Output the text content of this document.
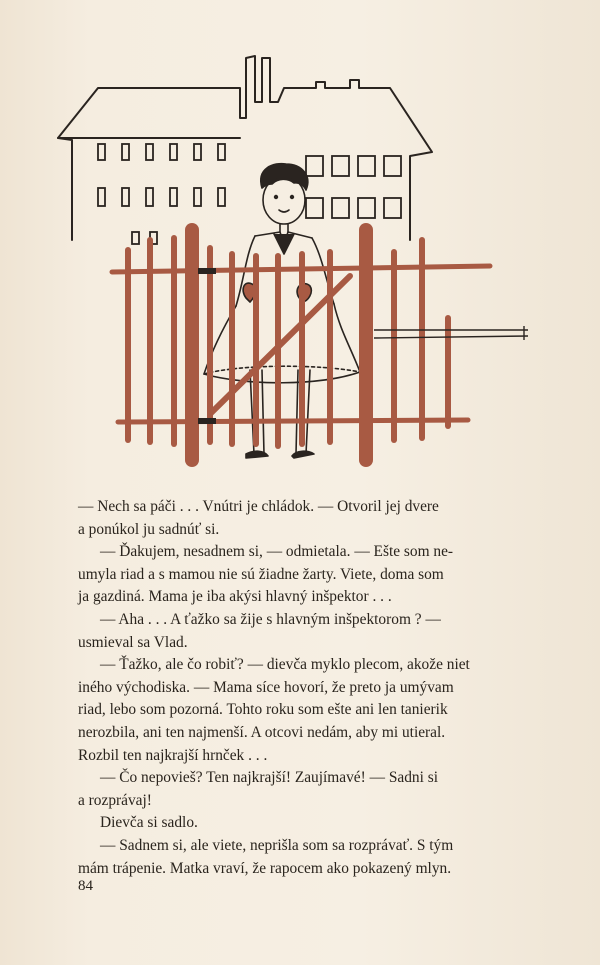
— Nech sa páči . . . Vnútri je chládok. — Otvoril jej dvere
a ponúkol ju sadnúť si.

— Ďakujem, nesadnem si, — odmietala. — Ešte som ne-
umyla riad a s mamou nie sú žiadne žarty. Viete, doma som
ja gazdiná. Mama je iba akýsi hlavný inšpektor . . .

— Aha . . . A ťažko sa žije s hlavným inšpektorom ? —
usmieval sa Vlad.

— Ťažko, ale čo robiť? — dievča myklo plecom, akože niet
iného východiska. — Mama síce hovorí, že preto ja umývam
riad, lebo som pozorná. Tohto roku som ešte ani len tanierik
nerozbila, ani ten najmenší. A otcovi nedám, aby mi utieral.
Rozbil ten najkrajší hrnček . . .

— Čo nepovieš? Ten najkrajší! Zaujímavé! — Sadni si
a rozprávaj!

Dievča si sadlo.

— Sadnem si, ale viete, neprišla som sa rozprávať. S tým
mám trápenie. Matka vraví, že rapocem ako pokazený mlyn.

84
